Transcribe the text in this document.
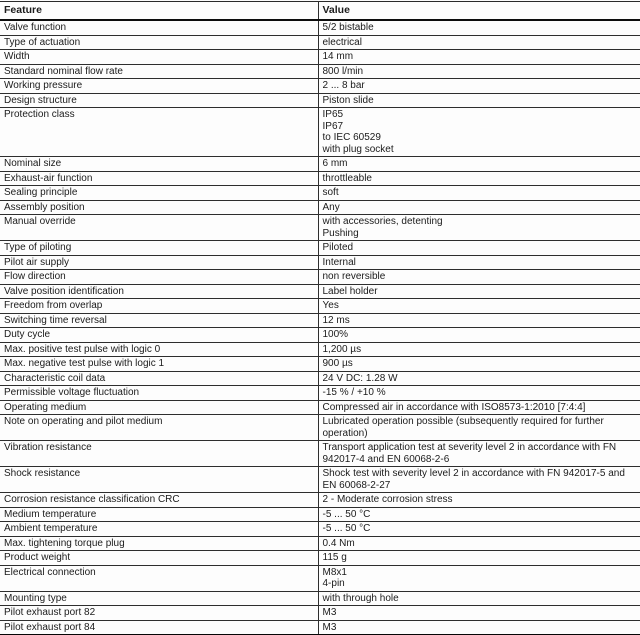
Feature	Value
Valve function	5/2 bistable

Type of actuation	electrical

Width	14 mm

Standard nominal flow rate	800 l/min

Working pressure	2 ... 8 bar

Design structure	Piston slide

Protection class	IP65
IP67
to IEC 60529
with plug socket

Nominal size	6 mm

Exhaust-air function	throttleable

Sealing principle	soft

Assembly position	Any

Manual override	with accessories, detenting
Pushing

Type of piloting	Piloted

Pilot air supply	Internal

Flow direction	non reversible

Valve position identification	Label holder

Freedom from overlap	Yes

Switching time reversal	12 ms

Duty cycle	100%

Max. positive test pulse with logic 0	1,200 µs

Max. negative test pulse with logic 1	900 µs

Characteristic coil data	24 V DC: 1.28 W

Permissible voltage fluctuation	-15 % / +10 %

Operating medium	Compressed air in accordance with ISO8573-1:2010 [7:4:4]

Note on operating and pilot medium	Lubricated operation possible (subsequently required for further operation)

Vibration resistance	Transport application test at severity level 2 in accordance with FN 942017-4 and EN 60068-2-6

Shock resistance	Shock test with severity level 2 in accordance with FN 942017-5 and EN 60068-2-27

Corrosion resistance classification CRC	2 - Moderate corrosion stress

Medium temperature	-5 ... 50 °C

Ambient temperature	-5 ... 50 °C

Max. tightening torque plug	0.4 Nm

Product weight	115 g

Electrical connection	M8x1
4-pin

Mounting type	with through hole

Pilot exhaust port 82	M3

Pilot exhaust port 84	M3
